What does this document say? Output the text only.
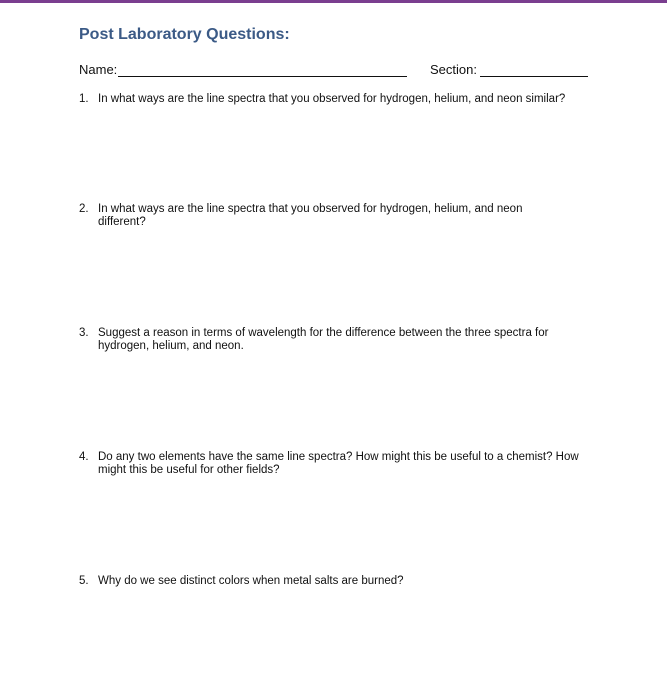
Post Laboratory Questions:
Name:	Section:
1. In what ways are the line spectra that you observed for hydrogen, helium, and neon similar?
2. In what ways are the line spectra that you observed for hydrogen, helium, and neon different?
3. Suggest a reason in terms of wavelength for the difference between the three spectra for hydrogen, helium, and neon.
4. Do any two elements have the same line spectra? How might this be useful to a chemist? How might this be useful for other fields?
5. Why do we see distinct colors when metal salts are burned?
